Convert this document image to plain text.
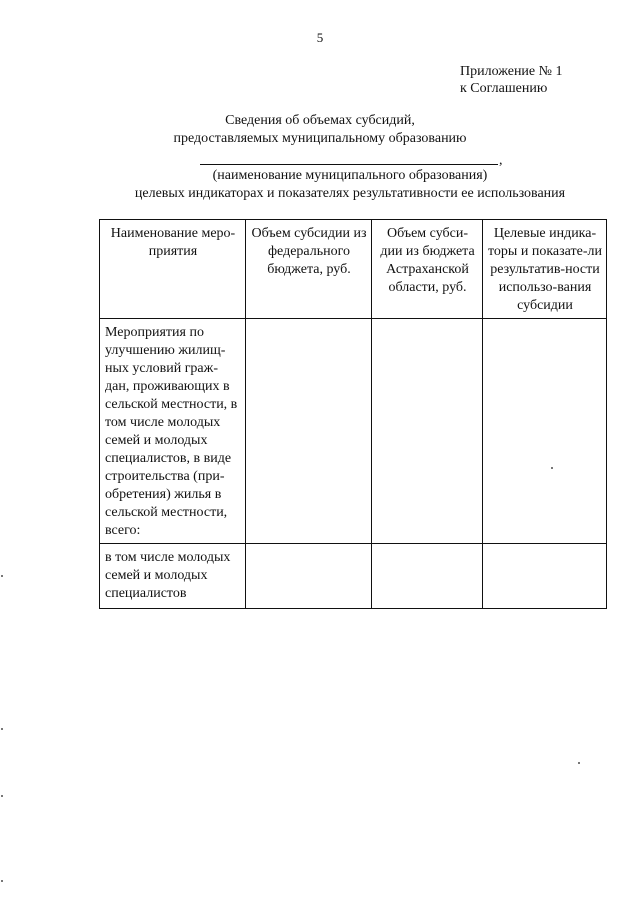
5
Приложение № 1
к Соглашению
Сведения об объемах субсидий,
предоставляемых муниципальному образованию
,
(наименование муниципального образования)
целевых индикаторах и показателях результативности ее использования
Наименование меро-приятия	Объем субсидии из федерального бюджета, руб.	Объем субси-дии из бюджета Астраханской области, руб.	Целевые индика-торы и показате-ли результатив-ности использо-вания субсидии
Мероприятия по улучшению жилищ-ных условий граж-дан, проживающих в сельской местности, в том числе молодых семей и молодых специалистов, в виде строительства (при-обретения) жилья в сельской местности, всего:			
в том числе молодых семей и молодых специалистов			
